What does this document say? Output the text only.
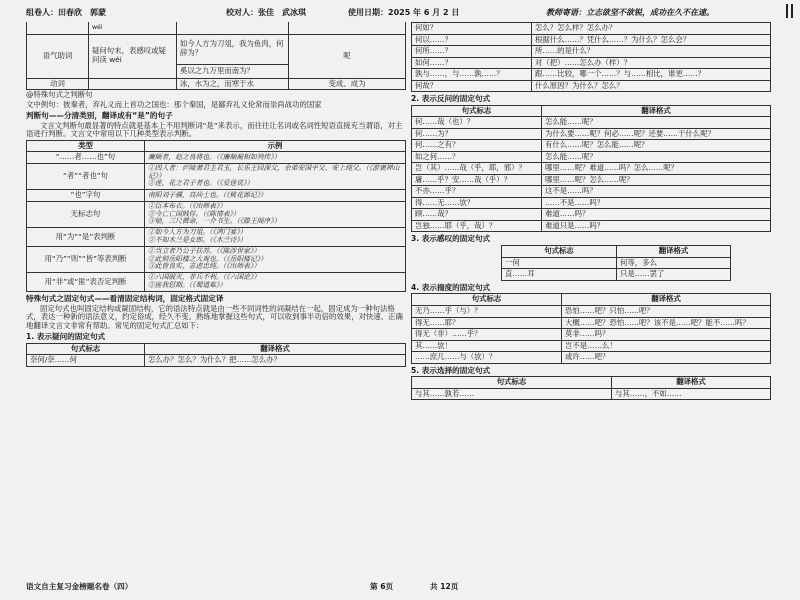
组卷人：田春欣　郭蒙	校对人：张佳　武冰琪	使用日期：2025 年 6 月 2 日	教师寄语：立志欲坚不欲锐，成功在久不在速。
	wéi		
语气助词	疑问句末，表感叹或疑问读 wéi	如今人方为刀俎，我为鱼肉，何辞为？	呢
		奚以之九万里而南为？	
动词		冰，水为之，而寒于水	变成、成为
@特殊句式之判断句
文中例句：彼秦者，弃礼义而上首功之国也：那个秦国，是鄙弃礼义伦常而崇尚战功的国家
判断句——分清类别，翻译成有“是”的句子
文言文判断句最显著的特点就是基本上不用判断词“是”来表示，而往往让名词或名词性短语直接充当谓语，对主语进行判断。文言文中常用以下几种类型表示判断。
类型	示例
“……者……也”句	廉颇者，赵之良将也。（《廉颇蔺相如列传》）

“者”“者也”句	①四人者：庐陵萧君圭君玉，长乐王回深父，余弟安国平父、安上纯父。（《游褒禅山记》）
②莲，花之君子者也。（《爱莲说》）

“也”字句	南阳刘子骥，高尚士也。（《桃花源记》）

无标志句	①臣本布衣。（《出师表》）
②今亡亡国贱俘。（《陈情表》）
③劬，三尺微命，一介书生。（《滕王阁序》）

用“为”“是”表判断	①如今人方为刀俎。（《鸿门宴》）
②不知木兰是女郎。（《木兰诗》）

用“乃”“则”“皆”等表判断	①当立者乃公子扶苏。（《陈涉世家》）
②此则岳阳楼之大观也。（《岳阳楼记》）
③此皆良实，志虑忠纯。（《出师表》）

用“非”或“匪”表否定判断	①六国破灭，非兵不利。（《六国论》）
②匪我愆期。（《蜀道难》）
特殊句式之固定句式——看清固定结构词，固定格式固定译
固定句式也叫固定结构或凝固结构，它的语法特点就是由一些不同词性的词凝结在一起，固定成为一种句法格式，表达一种新的语法意义，约定俗成，经久不变。熟练地掌握这些句式，可以收到事半功倍的效果，对快速、正确地翻译文言文非常有帮助。常见的固定句式汇总如下：
1. 表示疑问的固定句式
句式标志	翻译格式
奈何/奈……何	怎么办？怎么？为什么？把……怎么办？
何如？	怎么？怎么样？怎么办？
何以……？	根据什么……？凭什么……？为什么？怎么会？
何所……？	所……的是什么？
如何……？	对（把）……怎么办（样）？
孰与……，与……孰……？	跟……比较，哪一个……？与……相比，谁更……？
何故？	什么原因？为什么？怎么？
2. 表示反问的固定句式
句式标志	翻译格式
何……哉（也）？	怎么能……呢？
何……为？	为什么要……呢？何必……呢？还要……干什么呢？
何……之有？	有什么……呢？怎么能……呢？
如之何……？	怎么能……呢？
岂（其）……哉（乎，耶，邪）？	哪里……呢？难道……吗？怎么……呢？
庸……乎？安……哉（乎）？	哪里……呢？怎么……呢？
不亦……乎？	这不是……吗？
得……无……欤？	……不是……吗？
顾……哉？	难道……吗？
岂独……耶（乎，哉）？	难道只是……吗？
3. 表示感叹的固定句式
句式标志	翻译格式
一何	何等，多么
直……耳	只是……罢了
4. 表示揣度的固定句式
句式标志	翻译格式
无乃……乎（与）？	恐怕……吧？只怕……吧？
得无……耶？	大概……吧？恐怕……吧？该不是……吧？能不……吗？
得无（非）……乎？	莫非……吗？
其……欤！	岂不是……么！
……庶几……与（欤）？	或许……吧？
5. 表示选择的固定句式
句式标志	翻译格式
与其……孰若……	与其……，不如……
语文自主复习金榜题名卷（四）	第 6页	共 12页
